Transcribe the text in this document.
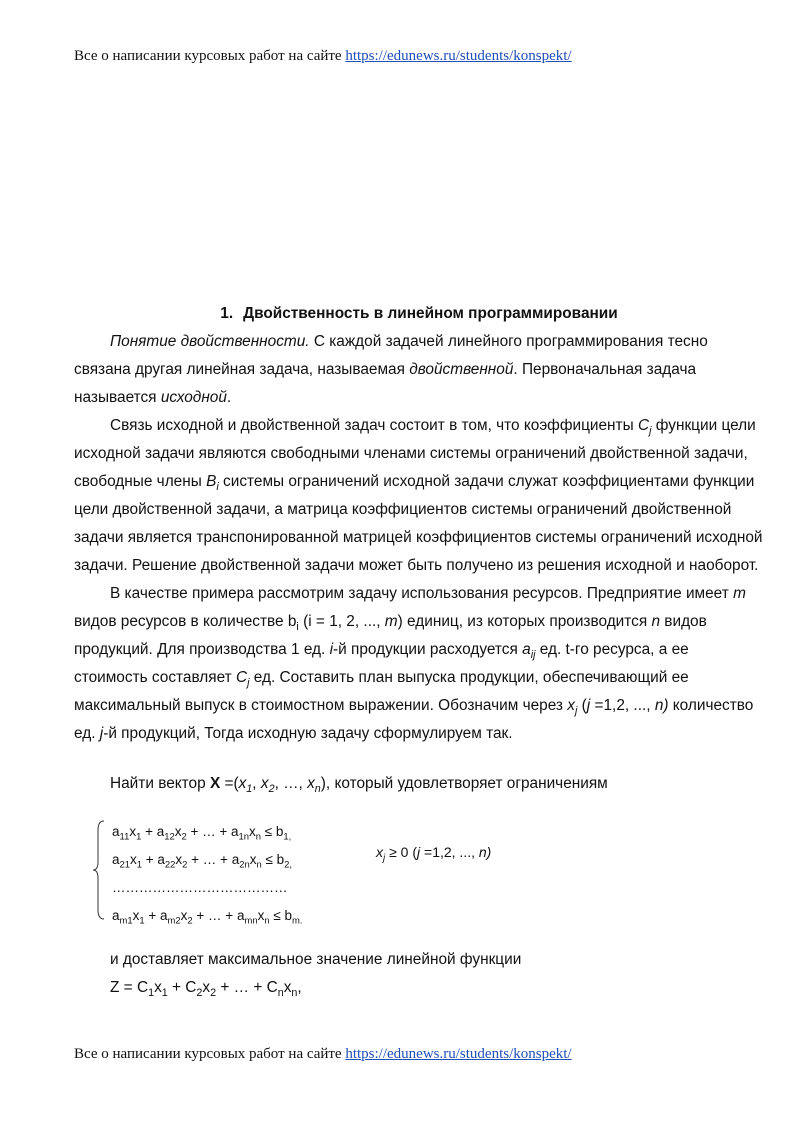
Все о написании курсовых работ на сайте https://edunews.ru/students/konspekt/

1. Двойственность в линейном программировании

Понятие двойственности. С каждой задачей линейного программирования тесно связана другая линейная задача, называемая двойственной. Первоначальная задача называется исходной.

Связь исходной и двойственной задач состоит в том, что коэффициенты $C_j$ функции цели исходной задачи являются свободными членами системы ограничений двойственной задачи, свободные члены $B_i$ системы ограничений исходной задачи служат коэффициентами функции цели двойственной задачи, а матрица коэффициентов системы ограничений двойственной задачи является транспонированной матрицей коэффициентов системы ограничений исходной задачи. Решение двойственной задачи может быть получено из решения исходной и наоборот.

В качестве примера рассмотрим задачу использования ресурсов. Предприятие имеет m видов ресурсов в количестве $b_i$ (i = 1, 2, ..., m) единиц, из которых производится n видов продукций. Для производства 1 ед. i-й продукции расходуется $a_{ij}$ ед. t-го ресурса, а ее стоимость составляет $C_j$ ед. Составить план выпуска продукции, обеспечивающий ее максимальный выпуск в стоимостном выражении. Обозначим через $x_j$ (j =1,2, ..., n) количество ед. j-й продукций, Тогда исходную задачу сформулируем так.

Найти вектор $X =(x_1$, $x_2$, …, $x_n$), который удовлетворяет ограничениям

$a_{11}x_1 + a_{12}x_2$ + … + $a_{1n}x_n \le b_{1,}$
$a_{21}x_1 + a_{22}x_2$ + … + $a_{2n}x_n \le b_{2,}$
…………………………………
$a_{m1}x_1 + a_{m2}x_2$ + … + $a_{mn}x_n \le b_{m.}$
$x_j \ge 0$ (j =1,2, ..., n)

и доставляет максимальное значение линейной функции

$Z = C_1x_1 + C_2x_2$ + … + $C_nx_n$,

Все о написании курсовых работ на сайте https://edunews.ru/students/konspekt/
